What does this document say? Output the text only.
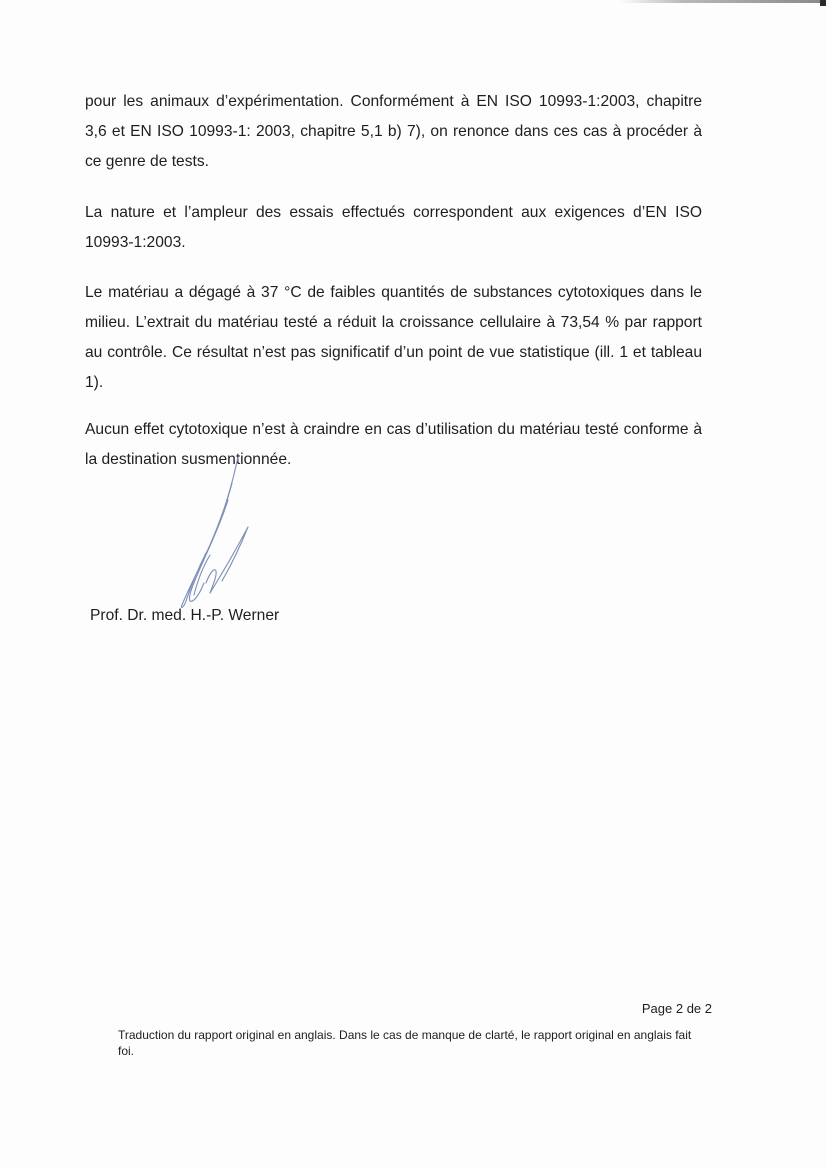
pour les animaux d’expérimentation. Conformément à EN ISO 10993-1:2003, chapitre 3,6 et EN ISO 10993-1: 2003, chapitre 5,1 b) 7), on renonce dans ces cas à procéder à ce genre de tests.

La nature et l’ampleur des essais effectués correspondent aux exigences d’EN ISO 10993-1:2003.

Le matériau a dégagé à 37 °C de faibles quantités de substances cytotoxiques dans le milieu. L’extrait du matériau testé a réduit la croissance cellulaire à 73,54 % par rapport au contrôle. Ce résultat n’est pas significatif d’un point de vue statistique (ill. 1 et tableau 1).

Aucun effet cytotoxique n’est à craindre en cas d’utilisation du matériau testé conforme à la destination susmentionnée.

Prof. Dr. med. H.-P. Werner

Page 2 de 2

Traduction du rapport original en anglais. Dans le cas de manque de clarté, le rapport original en anglais fait foi.
